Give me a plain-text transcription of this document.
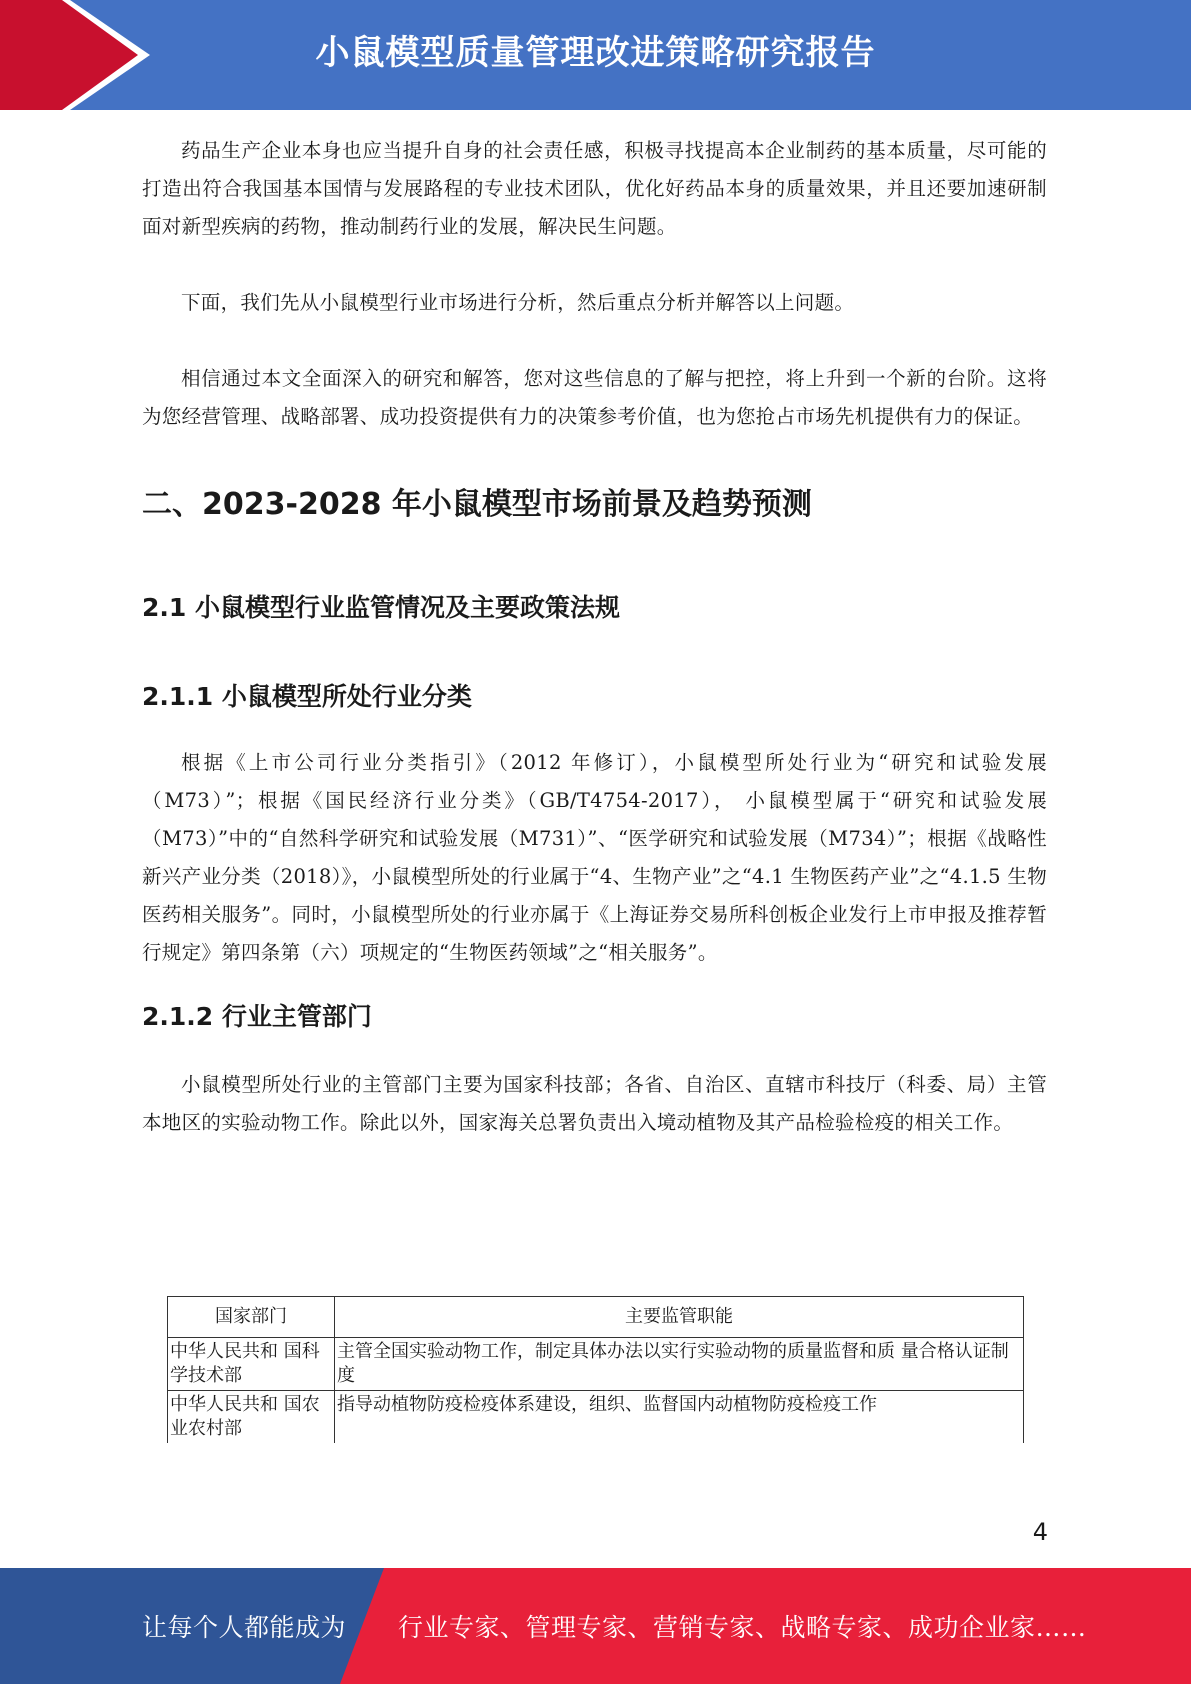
小鼠模型质量管理改进策略研究报告

药品生产企业本身也应当提升自身的社会责任感，积极寻找提高本企业制药的基本质量，尽可能的打造出符合我国基本国情与发展路程的专业技术团队，优化好药品本身的质量效果，并且还要加速研制面对新型疾病的药物，推动制药行业的发展，解决民生问题。

下面，我们先从小鼠模型行业市场进行分析，然后重点分析并解答以上问题。

相信通过本文全面深入的研究和解答，您对这些信息的了解与把控，将上升到一个新的台阶。这将为您经营管理、战略部署、成功投资提供有力的决策参考价值，也为您抢占市场先机提供有力的保证。

二、2023-2028 年小鼠模型市场前景及趋势预测
2.1 小鼠模型行业监管情况及主要政策法规
2.1.1 小鼠模型所处行业分类

根据《上市公司行业分类指引》（2012 年修订），小鼠模型所处行业为“研究和试验发展（M73）”；根据《国民经济行业分类》（GB/T4754-2017）， 小鼠模型属于“研究和试验发展（M73）”中的“自然科学研究和试验发展（M731）”、“医学研究和试验发展（M734）”；根据《战略性新兴产业分类（2018）》，小鼠模型所处的行业属于“4、生物产业”之“4.1 生物医药产业”之“4.1.5 生物医药相关服务”。同时，小鼠模型所处的行业亦属于《上海证券交易所科创板企业发行上市申报及推荐暂行规定》第四条第（六）项规定的“生物医药领域”之“相关服务”。

2.1.2 行业主管部门

小鼠模型所处行业的主管部门主要为国家科技部；各省、自治区、直辖市科技厅（科委、局）主管本地区的实验动物工作。除此以外，国家海关总署负责出入境动植物及其产品检验检疫的相关工作。

国家部门	主要监管职能
中华人民共和 国科学技术部	主管全国实验动物工作，制定具体办法以实行实验动物的质量监督和质 量合格认证制度
中华人民共和 国农业农村部	指导动植物防疫检疫体系建设，组织、监督国内动植物防疫检疫工作
4
让每个人都能成为 行业专家、管理专家、营销专家、战略专家、成功企业家……
